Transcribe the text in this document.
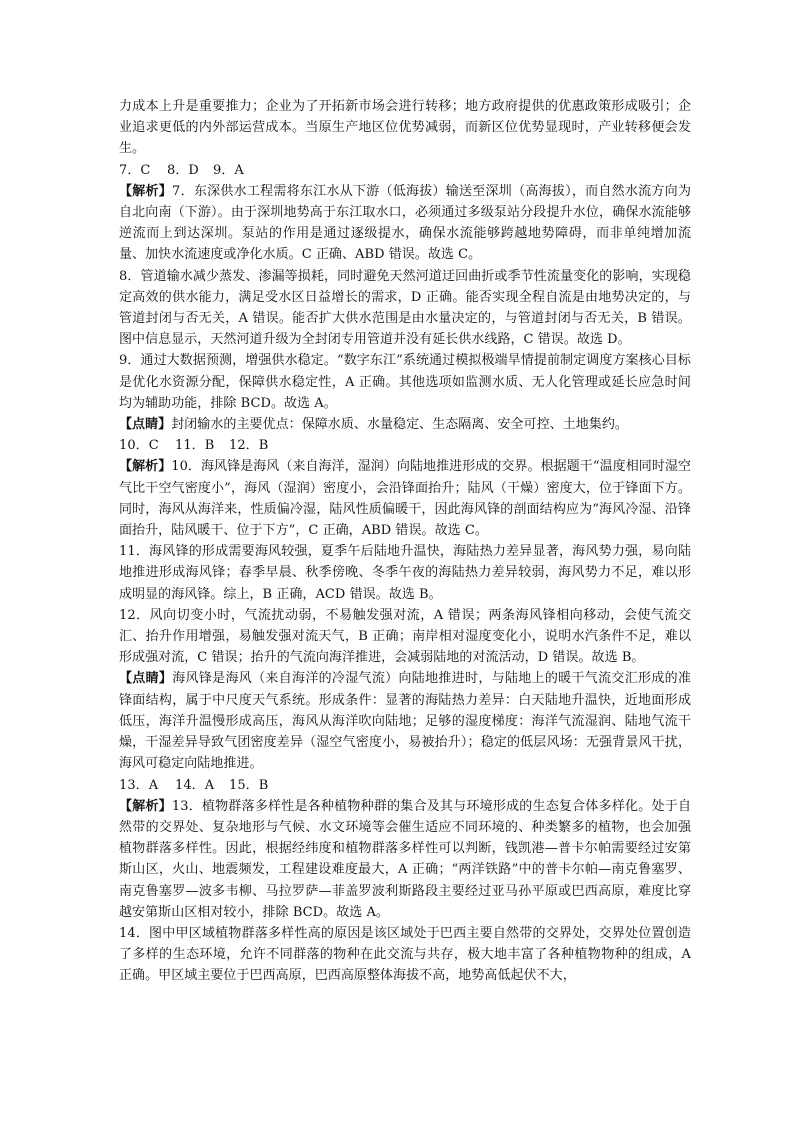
力成本上升是重要推力；企业为了开拓新市场会进行转移；地方政府提供的优惠政策形成吸引；企业追求更低的内外部运营成本。当原生产地区位优势减弱，而新区位优势显现时，产业转移便会发生。

7．C 8．D 9．A

【解析】7．东深供水工程需将东江水从下游（低海拔）输送至深圳（高海拔），而自然水流方向为自北向南（下游）。由于深圳地势高于东江取水口，必须通过多级泵站分段提升水位，确保水流能够逆流而上到达深圳。泵站的作用是通过逐级提水，确保水流能够跨越地势障碍，而非单纯增加流量、加快水流速度或净化水质。C 正确、ABD 错误。故选 C。

8．管道输水减少蒸发、渗漏等损耗，同时避免天然河道迂回曲折或季节性流量变化的影响，实现稳定高效的供水能力，满足受水区日益增长的需求，D 正确。能否实现全程自流是由地势决定的，与管道封闭与否无关，A 错误。能否扩大供水范围是由水量决定的，与管道封闭与否无关，B 错误。图中信息显示，天然河道升级为全封闭专用管道并没有延长供水线路，C 错误。故选 D。

9．通过大数据预测，增强供水稳定。“数字东江”系统通过模拟极端旱情提前制定调度方案核心目标是优化水资源分配，保障供水稳定性，A 正确。其他选项如监测水质、无人化管理或延长应急时间均为辅助功能，排除 BCD。故选 A。

【点睛】封闭输水的主要优点：保障水质、水量稳定、生态隔离、安全可控、土地集约。

10．C 11．B 12．B

【解析】10．海风锋是海风（来自海洋，湿润）向陆地推进形成的交界。根据题干“温度相同时湿空气比干空气密度小”，海风（湿润）密度小，会沿锋面抬升；陆风（干燥）密度大，位于锋面下方。同时，海风从海洋来，性质偏冷湿，陆风性质偏暖干，因此海风锋的剖面结构应为“海风冷湿、沿锋面抬升，陆风暖干、位于下方”，C 正确，ABD 错误。故选 C。

11．海风锋的形成需要海风较强，夏季午后陆地升温快，海陆热力差异显著，海风势力强，易向陆地推进形成海风锋；春季早晨、秋季傍晚、冬季午夜的海陆热力差异较弱，海风势力不足，难以形成明显的海风锋。综上，B 正确，ACD 错误。故选 B。

12．风向切变小时，气流扰动弱，不易触发强对流，A 错误；两条海风锋相向移动，会使气流交汇、抬升作用增强，易触发强对流天气，B 正确；南岸相对湿度变化小，说明水汽条件不足，难以形成强对流，C 错误；抬升的气流向海洋推进，会减弱陆地的对流活动，D 错误。故选 B。

【点睛】海风锋是海风（来自海洋的冷湿气流）向陆地推进时，与陆地上的暖干气流交汇形成的准锋面结构，属于中尺度天气系统。形成条件：显著的海陆热力差异：白天陆地升温快，近地面形成低压，海洋升温慢形成高压，海风从海洋吹向陆地；足够的湿度梯度：海洋气流湿润、陆地气流干燥，干湿差异导致气团密度差异（湿空气密度小，易被抬升）；稳定的低层风场：无强背景风干扰，海风可稳定向陆地推进。

13．A 14．A 15．B

【解析】13．植物群落多样性是各种植物种群的集合及其与环境形成的生态复合体多样化。处于自然带的交界处、复杂地形与气候、水文环境等会催生适应不同环境的、种类繁多的植物，也会加强植物群落多样性。因此，根据经纬度和植物群落多样性可以判断，钱凯港—普卡尔帕需要经过安第斯山区，火山、地震频发，工程建设难度最大，A 正确；“两洋铁路”中的普卡尔帕—南克鲁塞罗、南克鲁塞罗—波多韦柳、马拉罗萨—菲盖罗波利斯路段主要经过亚马孙平原或巴西高原，难度比穿越安第斯山区相对较小，排除 BCD。故选 A。

14．图中甲区域植物群落多样性高的原因是该区域处于巴西主要自然带的交界处，交界处位置创造了多样的生态环境，允许不同群落的物种在此交流与共存，极大地丰富了各种植物物种的组成，A 正确。甲区域主要位于巴西高原，巴西高原整体海拔不高，地势高低起伏不大，
